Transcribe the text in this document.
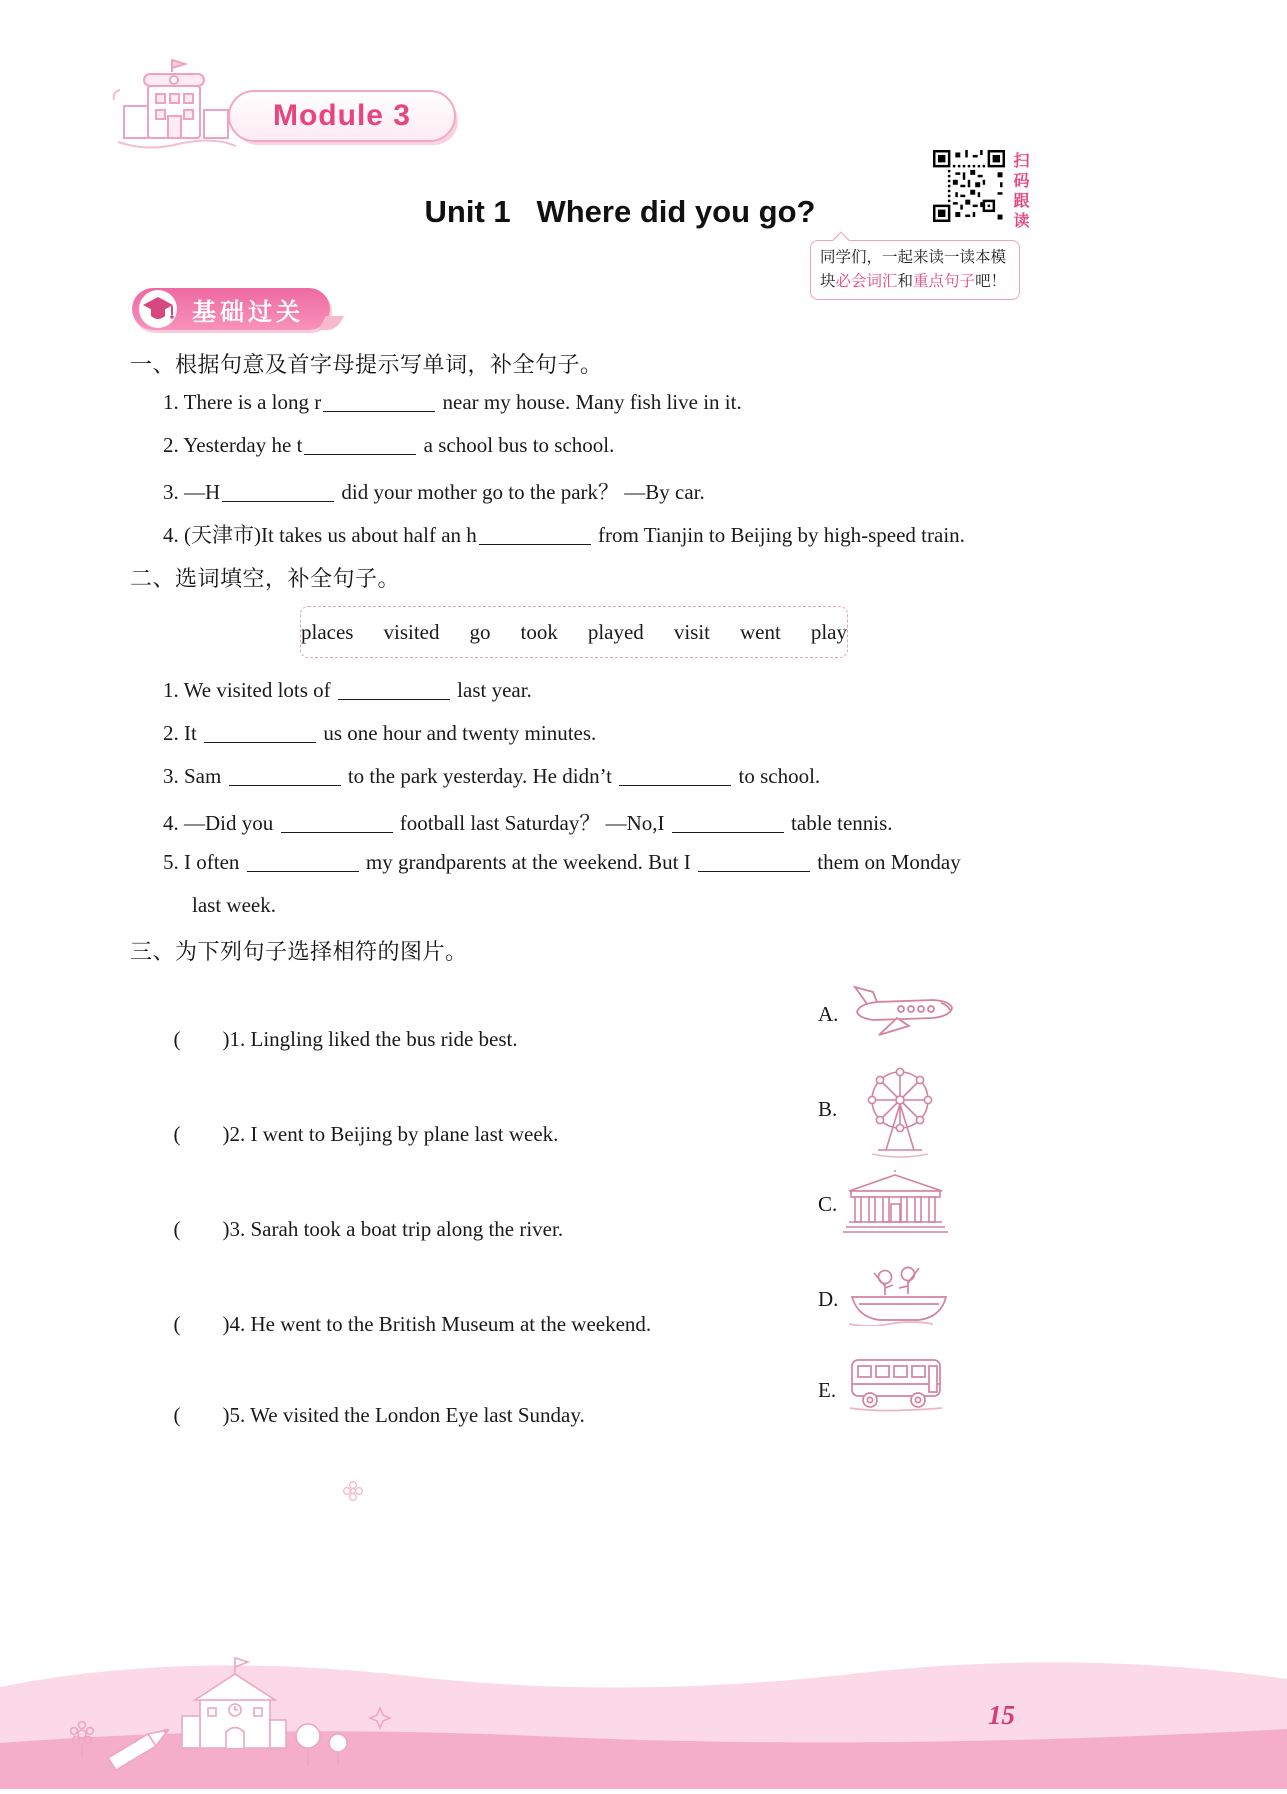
Module 3
扫码跟读
Unit 1   Where did you go?
同学们，一起来读一读本模块必会词汇和重点句子吧！
基础过关
一、根据句意及首字母提示写单词，补全句子。
1. There is a long r	near my house. Many fish live in it.
2. Yesterday he t	a school bus to school.
3. —H	did your mother go to the park？ —By car.
4. (天津市)It takes us about half an h	from Tianjin to Beijing by high-speed train.
二、选词填空，补全句子。
places visited go took played visit went play
1. We visited lots of	last year.
2. It	us one hour and twenty minutes.
3. Sam	to the park yesterday. He didn’t	to school.
4. —Did you	football last Saturday？ —No,I	table tennis.
5. I often	my grandparents at the weekend. But I	them on Monday
last week.
三、为下列句子选择相符的图片。

(        )1. Lingling liked the bus ride best.

A.

(        )2. I went to Beijing by plane last week.

B.

(        )3. Sarah took a boat trip along the river.

C.

(        )4. He went to the British Museum at the weekend.

D.

(        )5. We visited the London Eye last Sunday.

E.
15
